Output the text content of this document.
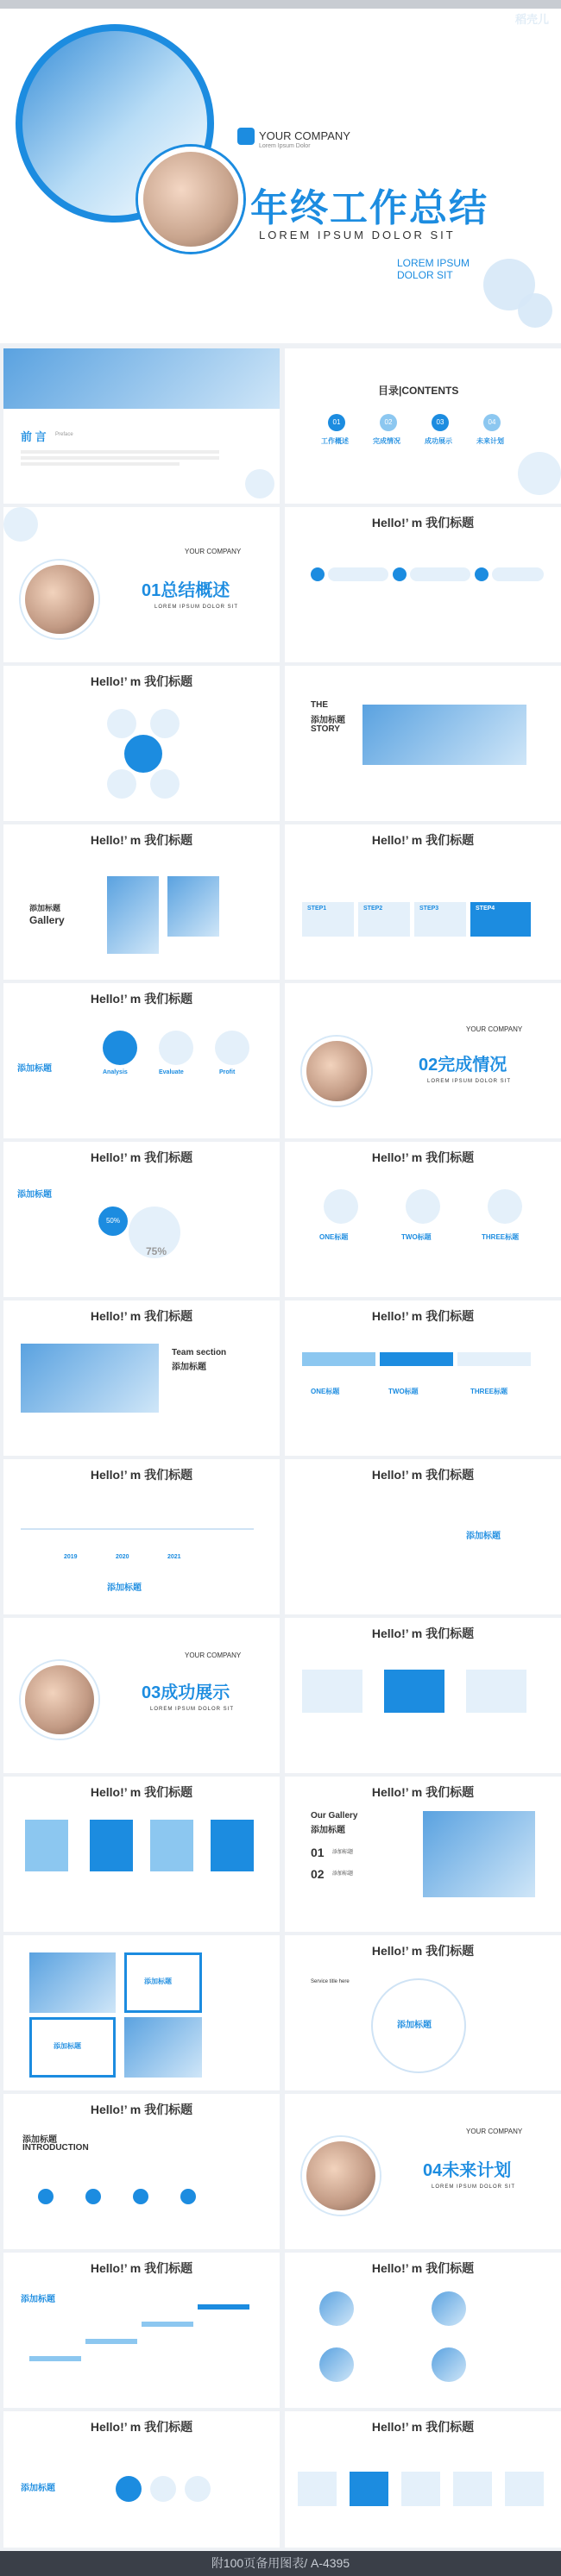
稻壳儿
YOUR COMPANY
Lorem Ipsum Dolor
年终工作总结
LOREM IPSUM DOLOR SIT
LOREM IPSUM
DOLOR SIT
前 言 Preface
目录|CONTENTS
01	02	03	04
工作概述	完成情况	成功展示	未来计划
YOUR COMPANY
01总结概述
LOREM IPSUM DOLOR SIT
Hello!’ m 我们标题
Hello!’ m 我们标题
THE
添加标题
STORY
Hello!’ m 我们标题
添加标题
Gallery
Hello!’ m 我们标题
STEP1	STEP2	STEP3	STEP4
Hello!’ m 我们标题
添加标题	Analysis	Evaluate	Profit
YOUR COMPANY
02完成情况
LOREM IPSUM DOLOR SIT
Hello!’ m 我们标题
添加标题
50%
75%
Hello!’ m 我们标题
ONE标题	TWO标题	THREE标题
Hello!’ m 我们标题
Team section
添加标题
Hello!’ m 我们标题
ONE标题	TWO标题	THREE标题
Hello!’ m 我们标题
2019	2020	2021
添加标题
Hello!’ m 我们标题
添加标题
YOUR COMPANY
03成功展示
LOREM IPSUM DOLOR SIT
Hello!’ m 我们标题
Hello!’ m 我们标题	Hello!’ m 我们标题
Our Gallery
添加标题
01 添加标题
02 添加标题
添加标题
添加标题
Hello!’ m 我们标题
添加标题
Service title here
Hello!’ m 我们标题
添加标题
INTRODUCTION
YOUR COMPANY
04未来计划
LOREM IPSUM DOLOR SIT
Hello!’ m 我们标题
添加标题
Hello!’ m 我们标题
Hello!’ m 我们标题
添加标题
Hello!’ m 我们标题
附100页备用图表/ A-4395
